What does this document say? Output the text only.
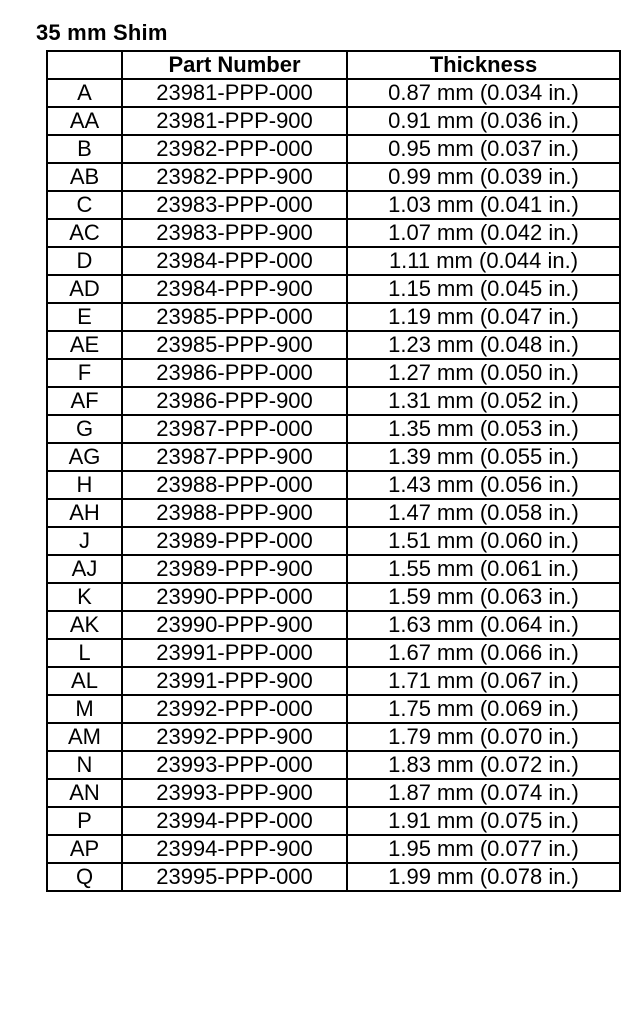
35 mm Shim
	Part Number	Thickness
A	23981-PPP-000	0.87 mm (0.034 in.)
AA	23981-PPP-900	0.91 mm (0.036 in.)
B	23982-PPP-000	0.95 mm (0.037 in.)
AB	23982-PPP-900	0.99 mm (0.039 in.)
C	23983-PPP-000	1.03 mm (0.041 in.)
AC	23983-PPP-900	1.07 mm (0.042 in.)
D	23984-PPP-000	1.11 mm (0.044 in.)
AD	23984-PPP-900	1.15 mm (0.045 in.)
E	23985-PPP-000	1.19 mm (0.047 in.)
AE	23985-PPP-900	1.23 mm (0.048 in.)
F	23986-PPP-000	1.27 mm (0.050 in.)
AF	23986-PPP-900	1.31 mm (0.052 in.)
G	23987-PPP-000	1.35 mm (0.053 in.)
AG	23987-PPP-900	1.39 mm (0.055 in.)
H	23988-PPP-000	1.43 mm (0.056 in.)
AH	23988-PPP-900	1.47 mm (0.058 in.)
J	23989-PPP-000	1.51 mm (0.060 in.)
AJ	23989-PPP-900	1.55 mm (0.061 in.)
K	23990-PPP-000	1.59 mm (0.063 in.)
AK	23990-PPP-900	1.63 mm (0.064 in.)
L	23991-PPP-000	1.67 mm (0.066 in.)
AL	23991-PPP-900	1.71 mm (0.067 in.)
M	23992-PPP-000	1.75 mm (0.069 in.)
AM	23992-PPP-900	1.79 mm (0.070 in.)
N	23993-PPP-000	1.83 mm (0.072 in.)
AN	23993-PPP-900	1.87 mm (0.074 in.)
P	23994-PPP-000	1.91 mm (0.075 in.)
AP	23994-PPP-900	1.95 mm (0.077 in.)
Q	23995-PPP-000	1.99 mm (0.078 in.)
